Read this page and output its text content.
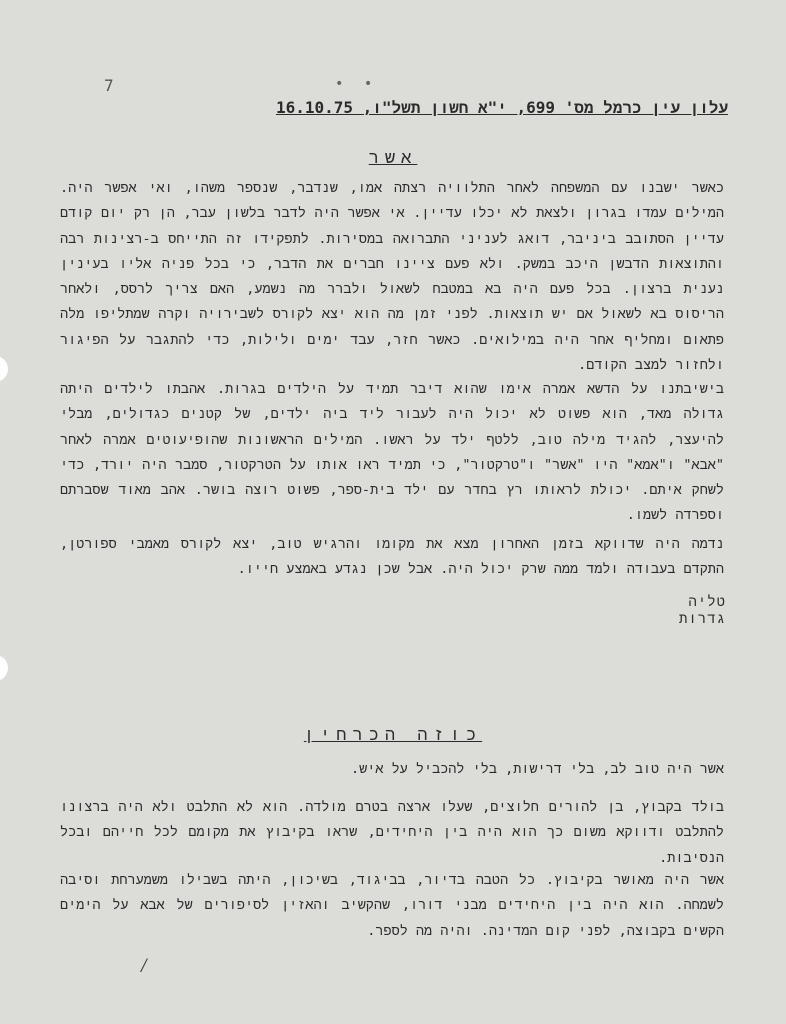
7	• •
עלון עין כרמל מס' 699, י"א חשון תשל"ו, 16.10.75
אשר
כאשר ישבנו עם המשפחה לאחר התלוויה רצתה אמו, שנדבר, שנספר משהו, ואי אפשר היה. המילים עמדו בגרון ולצאת לא יכלו עדיין. אי אפשר היה לדבר בלשון עבר, הן רק יום קודם עדיין הסתובב ביניבר, דואג לעניני התברואה במסירות. לתפקידו זה התייחס ב-רצינות רבה והתוצאות הדבשן היכב במשק. ולא פעם ציינו חברים את הדבר, כי בכל פניה אליו בעינין נענית ברצון. בכל פעם היה בא במטבח לשאול ולברר מה נשמע, האם צריך לרסס, ולאחר הריסוס בא לשאול אם יש תוצאות. לפני זמן מה הוא יצא לקורס לשבירויה וקרה שמתליפו מלה פתאום ומחליף אחר היה במילואים. כאשר חזר, עבד ימים ולילות, כדי להתגבר על הפיגור ולחזור למצב הקודם.
בישיבתנו על הדשא אמרה אימו שהוא דיבר תמיד על הילדים בגרות. אהבתו לילדים היתה גדולה מאד, הוא פשוט לא יכול היה לעבור ליד ביה ילדים, של קטנים כגדולים, מבלי להיעצר, להגיד מילה טוב, ללטף ילד על ראשו. המילים הראשונות שהופיעוטים אמרה לאחר "אבא" ו"אמא" היו "אשר" ו"טרקטור", כי תמיד ראו אותו על הטרקטור, סמבר היה יורד, כדי לשחק איתם. יכולת לראותו רץ בחדר עם ילד בית-ספר, פשוט רוצה בושר. אהב מאוד שסברתם וספרדה לשמו.
נדמה היה שדווקא בזמן האחרון מצא את מקומו והרגיש טוב, יצא לקורס מאמבי ספורטן, התקדם בעבודה ולמד ממה שרק יכול היה. אבל שכן נגדע באמצע חייו.
טליה
גדרות
כוזה הכרחין
אשר היה טוב לב, בלי דרישות, בלי להכביל על איש.
בולד בקבוץ, בן להורים חלוצים, שעלו ארצה בטרם מולדה. הוא לא התלבט ולא היה ברצונו להתלבט ודווקא משום כך הוא היה בין היחידים, שראו בקיבוץ את מקומם לכל חייהם ובכל הנסיבות.
אשר היה מאושר בקיבוץ. כל הטבה בדיור, בביגוד, בשיכון, היתה בשבילו משמערחת וסיבה לשמחה. הוא היה בין היחידים מבני דורו, שהקשיב והאזין לסיפורים של אבא על הימים הקשים בקבוצה, לפני קום המדינה. והיה מה לספר.
⁄
